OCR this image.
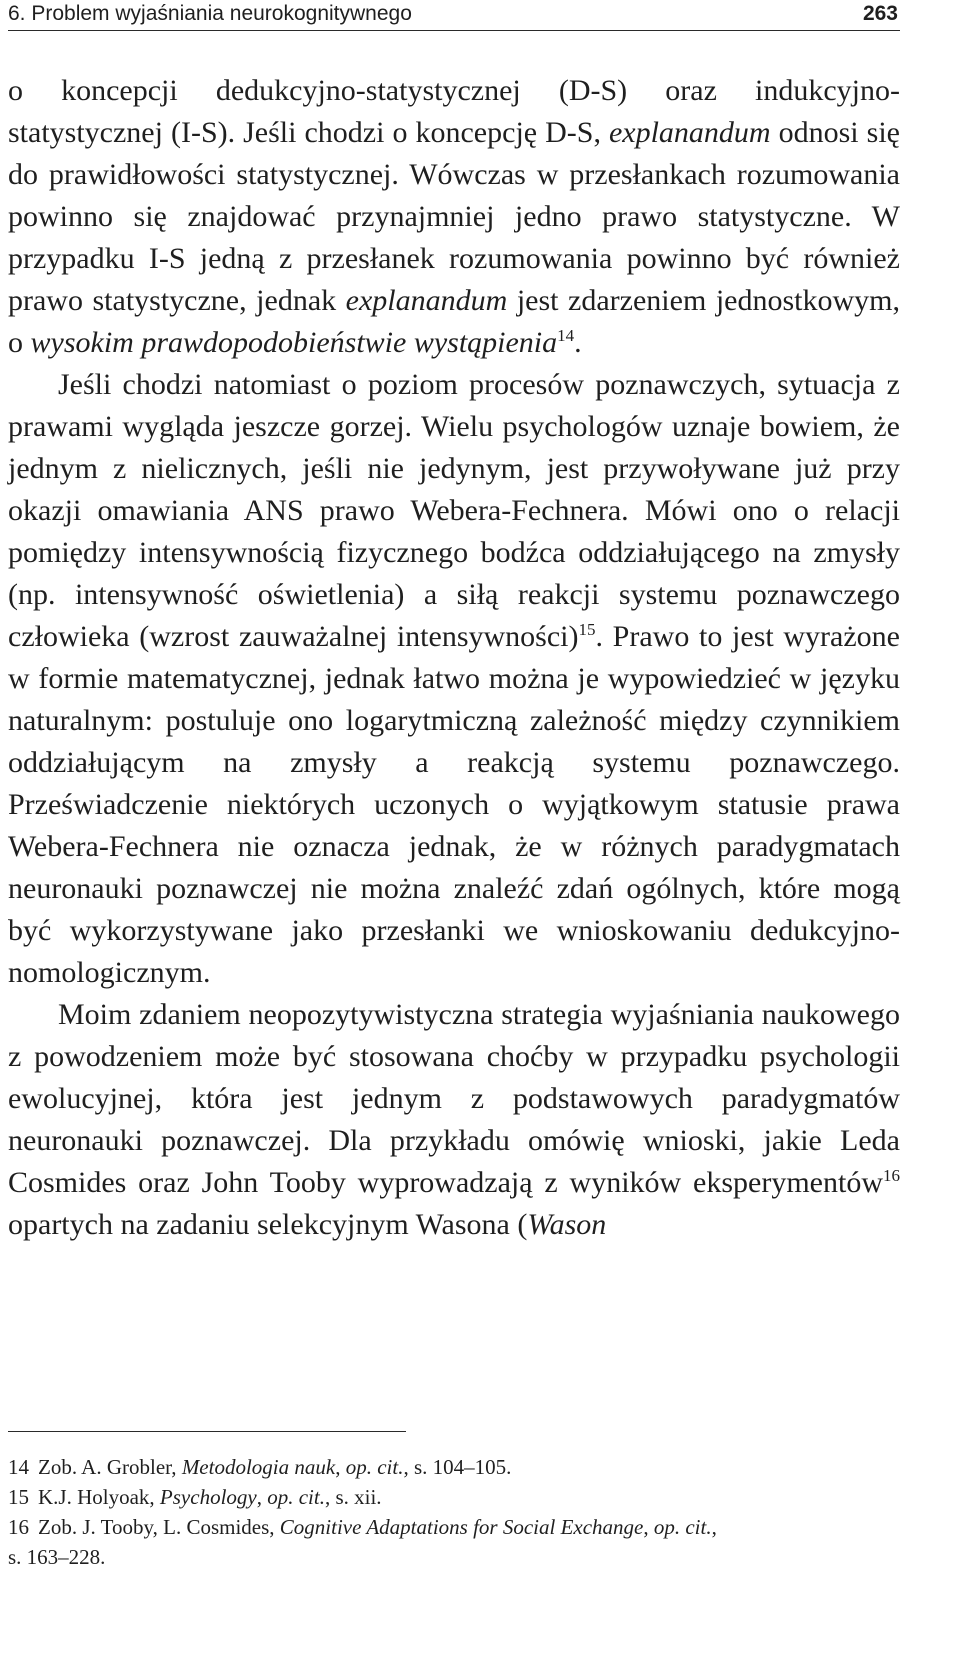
6. Problem wyjaśniania neurokognitywnego	263

o koncepcji dedukcyjno-statystycznej (D-S) oraz indukcyjno-statystycznej (I-S). Jeśli chodzi o koncepcję D-S, explanandum odnosi się do prawidłowości statystycznej. Wówczas w przesłankach rozumowania powinno się znajdować przynajmniej jedno prawo statystyczne. W przypadku I-S jedną z przesłanek rozumowania powinno być również prawo statystyczne, jednak explanandum jest zdarzeniem jednostkowym, o wysokim prawdopodobieństwie wystąpienia$^{14}$.

Jeśli chodzi natomiast o poziom procesów poznawczych, sytuacja z prawami wygląda jeszcze gorzej. Wielu psychologów uznaje bowiem, że jednym z nielicznych, jeśli nie jedynym, jest przywoływane już przy okazji omawiania ANS prawo Webera-Fechnera. Mówi ono o relacji pomiędzy intensywnością fizycznego bodźca oddziałującego na zmysły (np. intensywność oświetlenia) a siłą reakcji systemu poznawczego człowieka (wzrost zauważalnej intensywności)$^{15}$. Prawo to jest wyrażone w formie matematycznej, jednak łatwo można je wypowiedzieć w języku naturalnym: postuluje ono logarytmiczną zależność między czynnikiem oddziałującym na zmysły a reakcją systemu poznawczego. Przeświadczenie niektórych uczonych o wyjątkowym statusie prawa Webera-Fechnera nie oznacza jednak, że w różnych paradygmatach neuronauki poznawczej nie można znaleźć zdań ogólnych, które mogą być wykorzystywane jako przesłanki we wnioskowaniu dedukcyjno-nomologicznym.

Moim zdaniem neopozytywistyczna strategia wyjaśniania naukowego z powodzeniem może być stosowana choćby w przypadku psychologii ewolucyjnej, która jest jednym z podstawowych paradygmatów neuronauki poznawczej. Dla przykładu omówię wnioski, jakie Leda Cosmides oraz John Tooby wyprowadzają z wyników eksperymentów$^{16}$ opartych na zadaniu selekcyjnym Wasona (Wason

14 Zob. A. Grobler, Metodologia nauk, op. cit., s. 104–105.
15 K.J. Holyoak, Psychology, op. cit., s. xii.
16 Zob. J. Tooby, L. Cosmides, Cognitive Adaptations for Social Exchange, op. cit.,
s. 163–228.
